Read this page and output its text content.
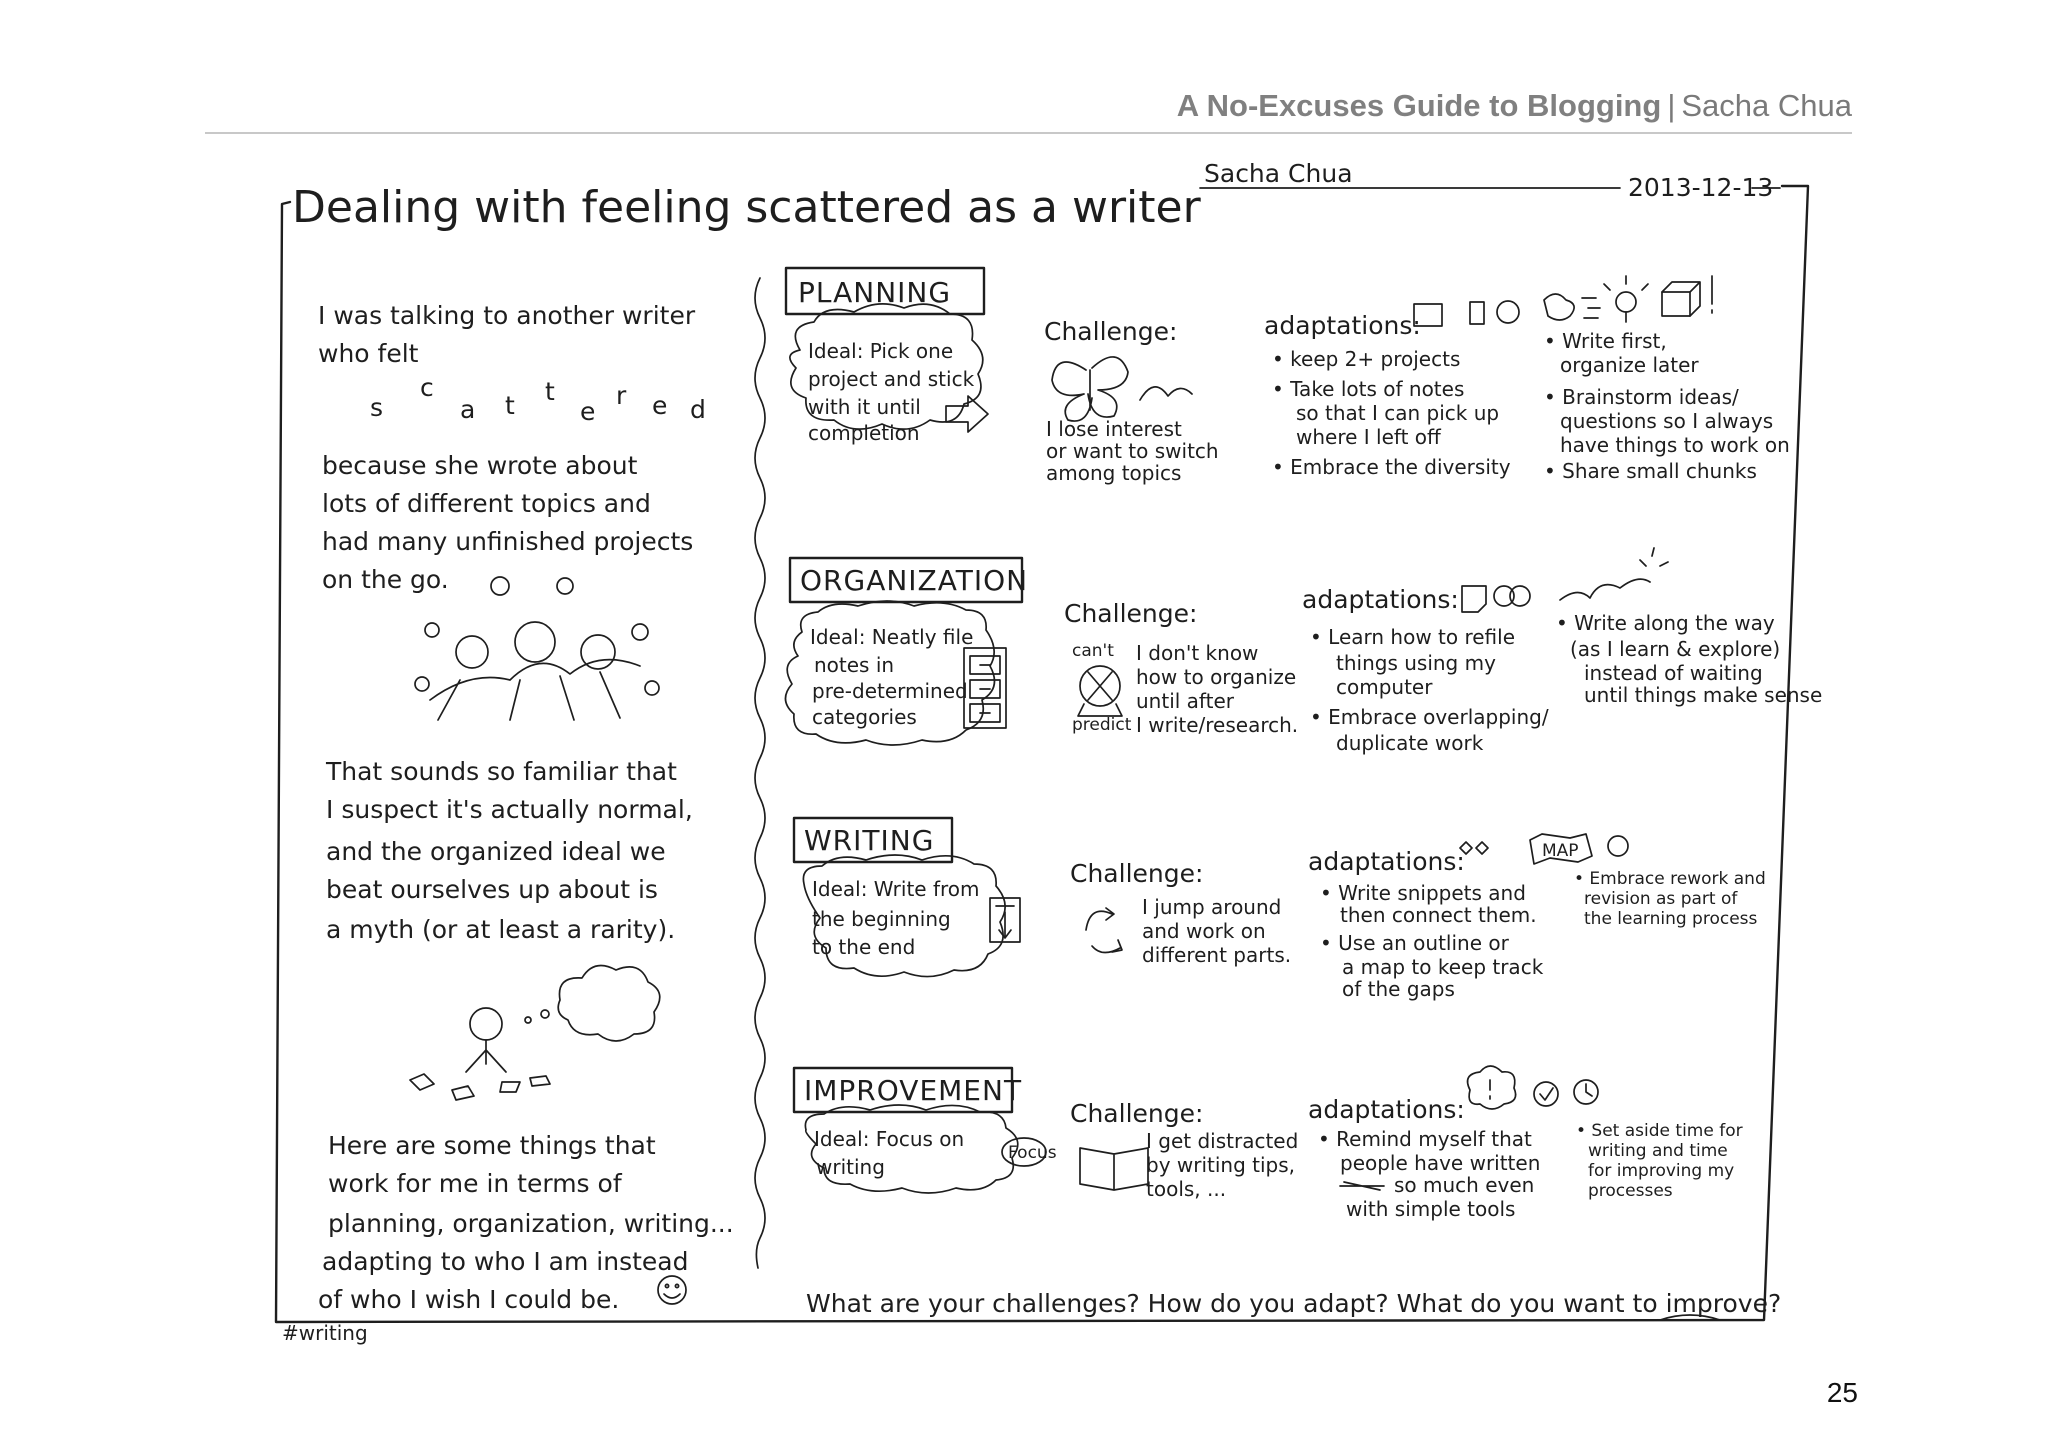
A No-Excuses Guide to Blogging | Sacha Chua
Dealing with feeling scattered as a writer
Sacha Chua	2013-12-13
I was talking to another writer
who felt
s
c
a t t
e
r e d
because she wrote about
lots of different topics and
had many unfinished projects
on the go.
That sounds so familiar that
I suspect it's actually normal,
and the organized ideal we
beat ourselves up about is
a myth (or at least a rarity).
Here are some things that
work for me in terms of
planning, organization, writing...
adapting to who I am instead
of who I wish I could be.
#writing
PLANNING
Ideal: Pick one
project and stick
with it until
completion
Challenge:
I lose interest
or want to switch
among topics
adaptations:
• keep 2+ projects
• Take lots of notes
so that I can pick up
where I left off
• Embrace the diversity
• Write first,
organize later
• Brainstorm ideas/
questions so I always
have things to work on
• Share small chunks
ORGANIZATION
Ideal: Neatly file
notes in
pre-determined
categories
Challenge:
can't
predict
I don't know
how to organize
until after
I write/research.
adaptations:
• Learn how to refile
things using my
computer
• Embrace overlapping/
duplicate work
• Write along the way
(as I learn & explore)
instead of waiting
until things make sense
WRITING
Ideal: Write from
the beginning
to the end
Challenge:
I jump around
and work on
different parts.
adaptations:	MAP
• Write snippets and
then connect them.
• Use an outline or
a map to keep track
of the gaps
• Embrace rework and
revision as part of
the learning process
IMPROVEMENT
Ideal: Focus on
writing
Focus
Challenge:
I get distracted
by writing tips,
tools, ...
adaptations:
• Remind myself that
people have written
so much even
with simple tools
• Set aside time for
writing and time
for improving my
processes
What are your challenges? How do you adapt? What do you want to improve?
25
